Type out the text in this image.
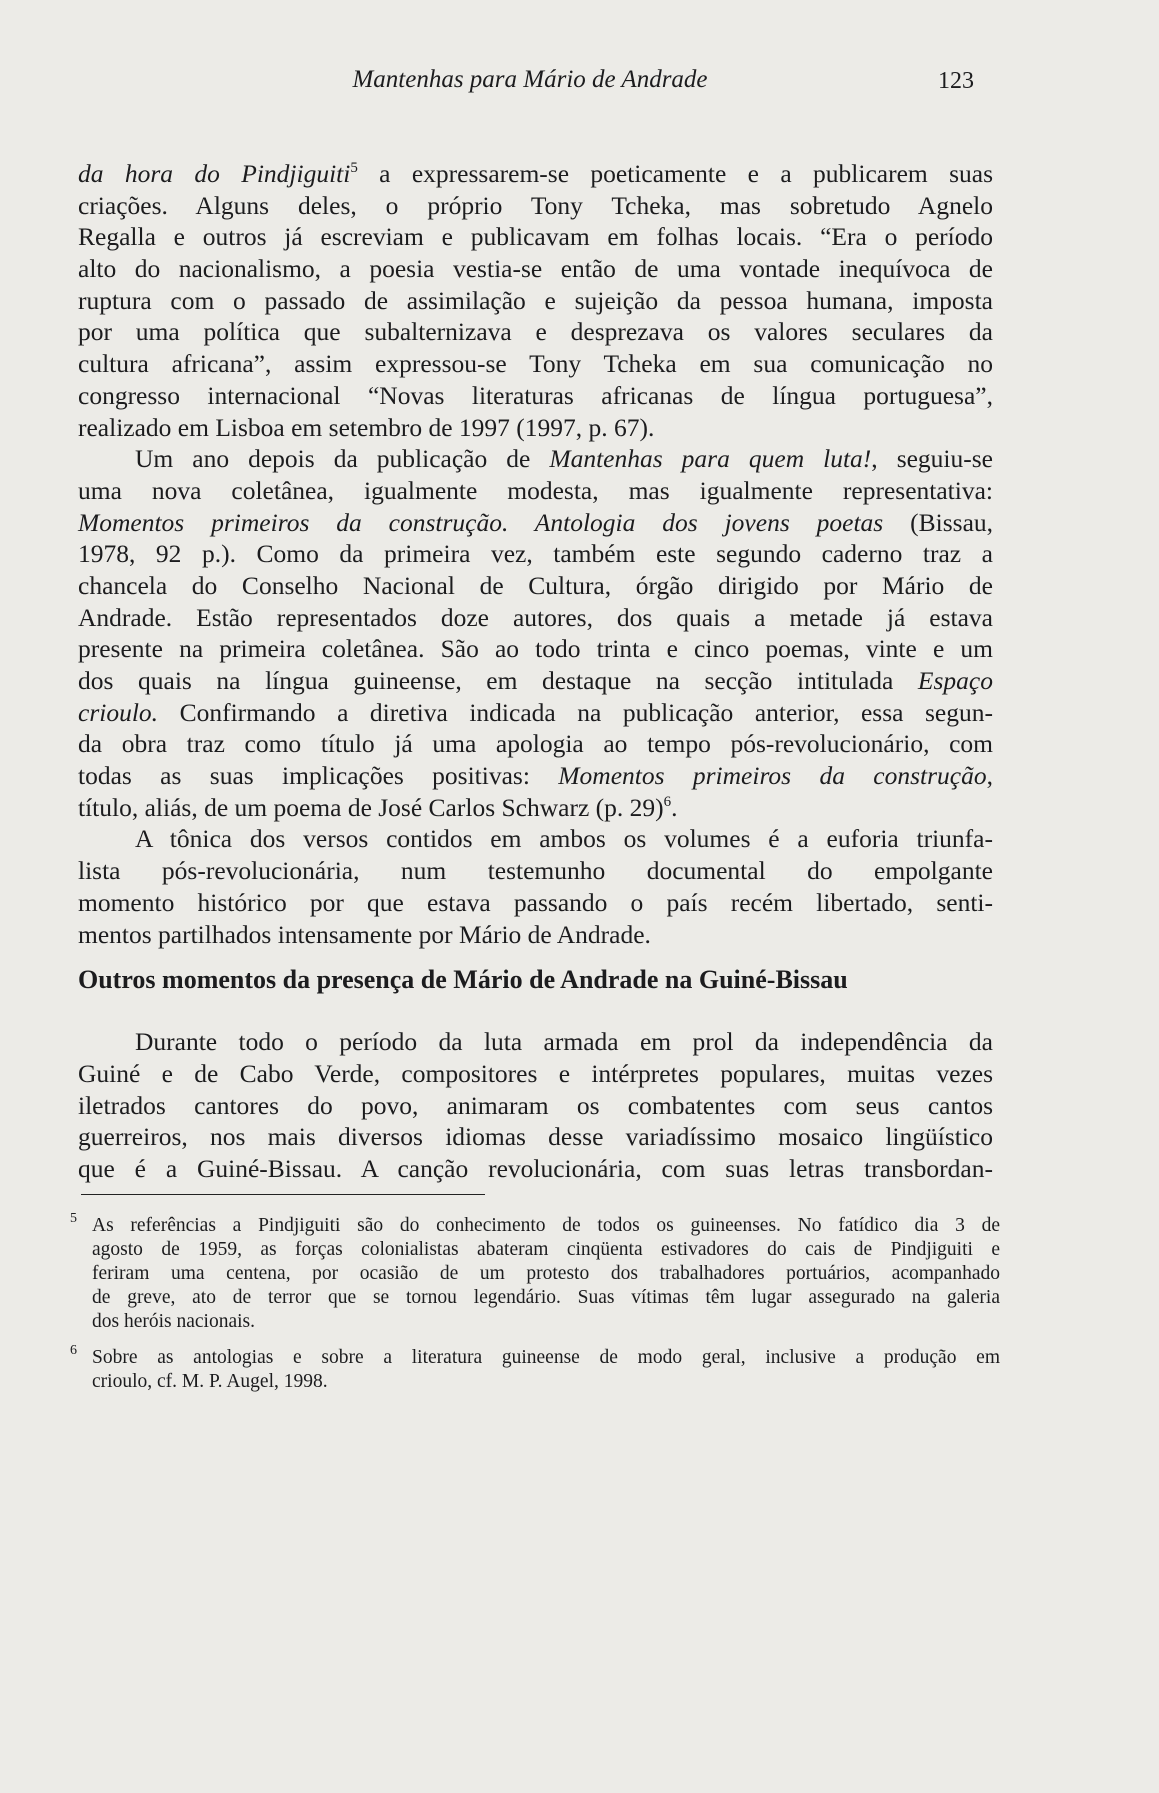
Mantenhas para Mário de Andrade	123
da hora do Pindjiguiti$^5$ a expressarem-se poeticamente e a publicarem suas
criações. Alguns deles, o próprio Tony Tcheka, mas sobretudo Agnelo
Regalla e outros já escreviam e publicavam em folhas locais. “Era o período
alto do nacionalismo, a poesia vestia-se então de uma vontade inequívoca de
ruptura com o passado de assimilação e sujeição da pessoa humana, imposta
por uma política que subalternizava e desprezava os valores seculares da
cultura africana”, assim expressou-se Tony Tcheka em sua comunicação no
congresso internacional “Novas literaturas africanas de língua portuguesa”,
realizado em Lisboa em setembro de 1997 (1997, p. 67).
Um ano depois da publicação de Mantenhas para quem luta!, seguiu-se
uma nova coletânea, igualmente modesta, mas igualmente representativa:
Momentos primeiros da construção. Antologia dos jovens poetas (Bissau,
1978, 92 p.). Como da primeira vez, também este segundo caderno traz a
chancela do Conselho Nacional de Cultura, órgão dirigido por Mário de
Andrade. Estão representados doze autores, dos quais a metade já estava
presente na primeira coletânea. São ao todo trinta e cinco poemas, vinte e um
dos quais na língua guineense, em destaque na secção intitulada Espaço
crioulo. Confirmando a diretiva indicada na publicação anterior, essa segun-
da obra traz como título já uma apologia ao tempo pós-revolucionário, com
todas as suas implicações positivas: Momentos primeiros da construção,
título, aliás, de um poema de José Carlos Schwarz (p. 29)$^6$.
A tônica dos versos contidos em ambos os volumes é a euforia triunfa-
lista pós-revolucionária, num testemunho documental do empolgante
momento histórico por que estava passando o país recém libertado, senti-
mentos partilhados intensamente por Mário de Andrade.
Outros momentos da presença de Mário de Andrade na Guiné-Bissau
Durante todo o período da luta armada em prol da independência da
Guiné e de Cabo Verde, compositores e intérpretes populares, muitas vezes
iletrados cantores do povo, animaram os combatentes com seus cantos
guerreiros, nos mais diversos idiomas desse variadíssimo mosaico lingüístico
que é a Guiné-Bissau. A canção revolucionária, com suas letras transbordan-
5 As referências a Pindjiguiti são do conhecimento de todos os guineenses. No fatídico dia 3 de
agosto de 1959, as forças colonialistas abateram cinqüenta estivadores do cais de Pindjiguiti e
feriram uma centena, por ocasião de um protesto dos trabalhadores portuários, acompanhado
de greve, ato de terror que se tornou legendário. Suas vítimas têm lugar assegurado na galeria
dos heróis nacionais.
6 Sobre as antologias e sobre a literatura guineense de modo geral, inclusive a produção em
crioulo, cf. M. P. Augel, 1998.
